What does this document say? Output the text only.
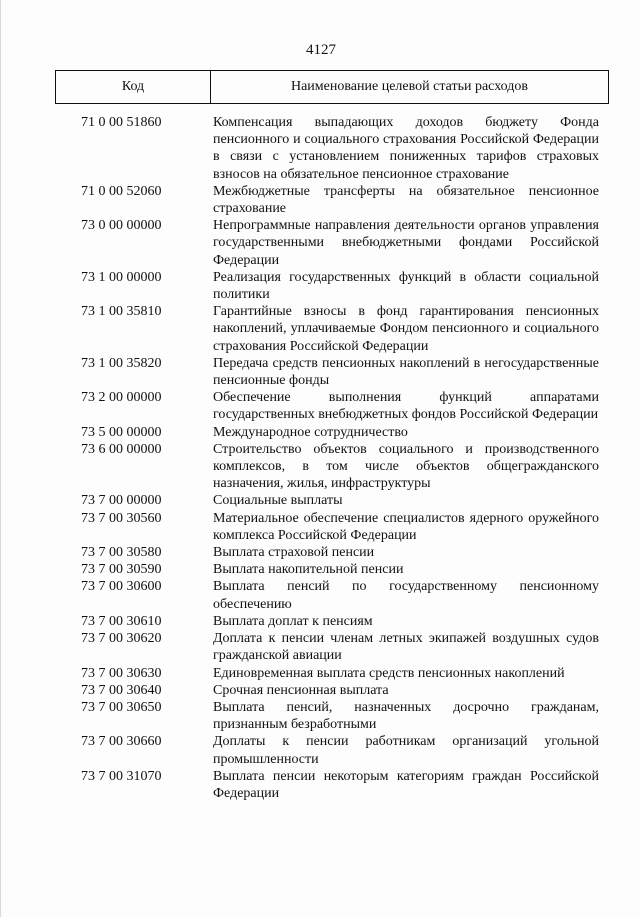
4127
Код	Наименование целевой статьи расходов
71 0 00 51860	Компенсация выпадающих доходов бюджету Фонда пенсионного и социального страхования Российской Федерации в связи с установлением пониженных тарифов страховых взносов на обязательное пенсионное страхование
71 0 00 52060	Межбюджетные трансферты на обязательное пенсионное страхование
73 0 00 00000	Непрограммные направления деятельности органов управления государственными внебюджетными фондами Российской Федерации
73 1 00 00000	Реализация государственных функций в области социальной политики
73 1 00 35810	Гарантийные взносы в фонд гарантирования пенсионных накоплений, уплачиваемые Фондом пенсионного и социального страхования Российской Федерации
73 1 00 35820	Передача средств пенсионных накоплений в негосударственные пенсионные фонды
73 2 00 00000	Обеспечение выполнения функций аппаратами государственных внебюджетных фондов Российской Федерации
73 5 00 00000	Международное сотрудничество
73 6 00 00000	Строительство объектов социального и производственного комплексов, в том числе объектов общегражданского назначения, жилья, инфраструктуры
73 7 00 00000	Социальные выплаты
73 7 00 30560	Материальное обеспечение специалистов ядерного оружейного комплекса Российской Федерации
73 7 00 30580	Выплата страховой пенсии
73 7 00 30590	Выплата накопительной пенсии
73 7 00 30600	Выплата пенсий по государственному пенсионному обеспечению
73 7 00 30610	Выплата доплат к пенсиям
73 7 00 30620	Доплата к пенсии членам летных экипажей воздушных судов гражданской авиации
73 7 00 30630	Единовременная выплата средств пенсионных накоплений
73 7 00 30640	Срочная пенсионная выплата
73 7 00 30650	Выплата пенсий, назначенных досрочно гражданам, признанным безработными
73 7 00 30660	Доплаты к пенсии работникам организаций угольной промышленности
73 7 00 31070	Выплата пенсии некоторым категориям граждан Российской Федерации
